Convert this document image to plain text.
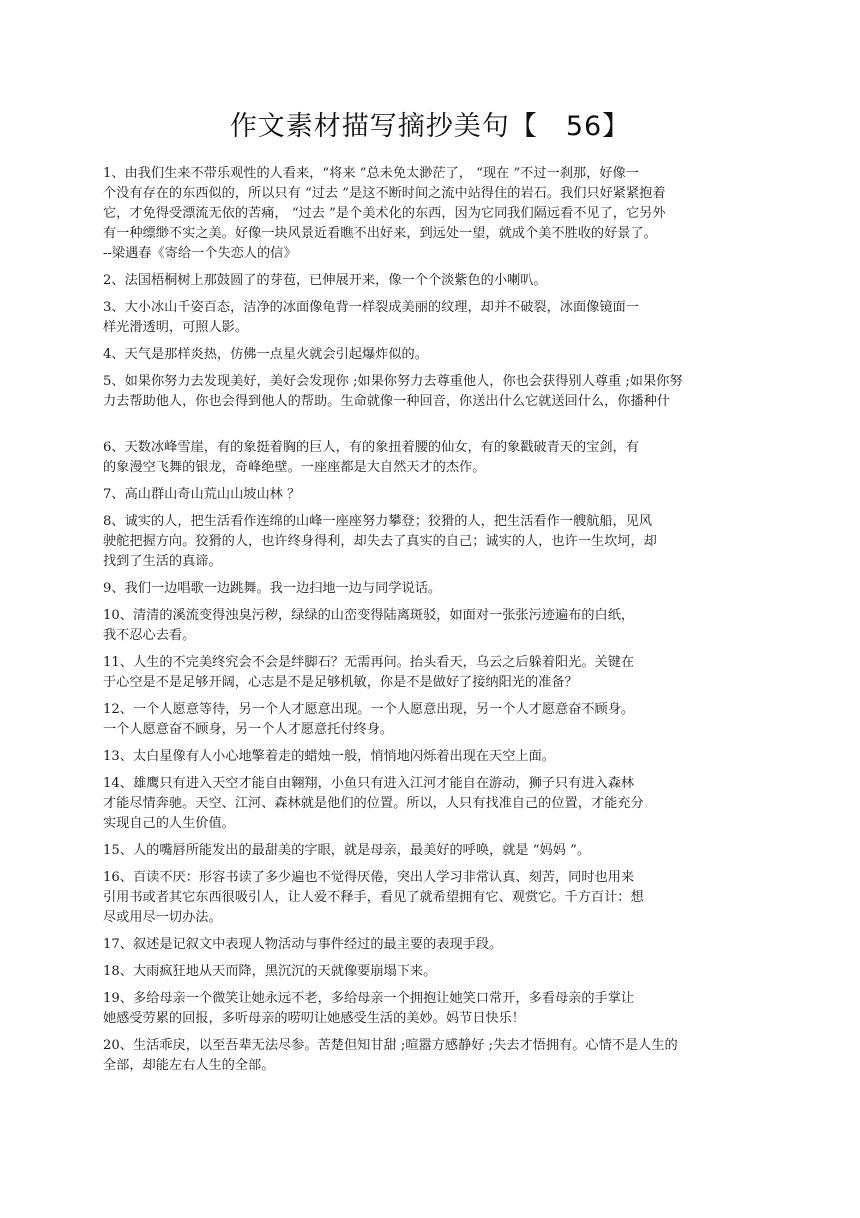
作文素材描写摘抄美句【 56】
1、由我们生来不带乐观性的人看来，“将来 ”总未免太渺茫了， “现在 ”不过一刹那，好像一
个没有存在的东西似的，所以只有 “过去 ”是这不断时间之流中站得住的岩石。我们只好紧紧抱着
它，才免得受漂流无依的苦痛， “过去 ”是个美术化的东西，因为它同我们隔远看不见了，它另外
有一种缥缈不实之美。好像一块风景近看瞧不出好来，到远处一望，就成个美不胜收的好景了。
--梁遇春《寄给一个失恋人的信》
2、法国梧桐树上那鼓圆了的芽苞，已伸展开来，像一个个淡紫色的小喇叭。
3、大小冰山千姿百态，洁净的冰面像龟背一样裂成美丽的纹理，却并不破裂，冰面像镜面一
样光滑透明，可照人影。
4、天气是那样炎热，仿佛一点星火就会引起爆炸似的。
5、如果你努力去发现美好，美好会发现你 ;如果你努力去尊重他人，你也会获得别人尊重 ;如果你努
力去帮助他人，你也会得到他人的帮助。生命就像一种回音，你送出什么它就送回什么，你播种什
6、天数冰峰雪崖，有的象挺着胸的巨人，有的象扭着腰的仙女，有的象戳破青天的宝剑，有
的象漫空飞舞的银龙，奇峰绝壁。一座座都是大自然天才的杰作。
7、高山群山奇山荒山山坡山林 ？
8、诚实的人，把生活看作连绵的山峰一座座努力攀登；狡猾的人，把生活看作一艘航船，见风
驶舵把握方向。狡猾的人，也许终身得利，却失去了真实的自己；诚实的人，也许一生坎坷，却
找到了生活的真谛。
9、我们一边唱歌一边跳舞。我一边扫地一边与同学说话。
10、清清的溪流变得浊臭污秽，绿绿的山峦变得陆离斑驳，如面对一张张污迹遍布的白纸，
我不忍心去看。
11、人生的不完美终究会不会是绊脚石？无需再问。抬头看天，乌云之后躲着阳光。关键在
于心空是不是足够开阔，心志是不是足够机敏，你是不是做好了接纳阳光的准备？
12、一个人愿意等待，另一个人才愿意出现。一个人愿意出现，另一个人才愿意奋不顾身。
一个人愿意奋不顾身，另一个人才愿意托付终身。
13、太白星像有人小心地擎着走的蜡烛一般，悄悄地闪烁着出现在天空上面。
14、雄鹰只有进入天空才能自由翱翔，小鱼只有进入江河才能自在游动，狮子只有进入森林
才能尽情奔驰。天空、江河、森林就是他们的位置。所以，人只有找准自己的位置，才能充分
实现自己的人生价值。
15、人的嘴唇所能发出的最甜美的字眼，就是母亲，最美好的呼唤，就是 “妈妈 ”。
16、百读不厌：形容书读了多少遍也不觉得厌倦，突出人学习非常认真、刻苦，同时也用来
引用书或者其它东西很吸引人，让人爱不释手，看见了就希望拥有它、观赏它。千方百计：想
尽或用尽一切办法。
17、叙述是记叙文中表现人物活动与事件经过的最主要的表现手段。
18、大雨疯狂地从天而降，黑沉沉的天就像要崩塌下来。
19、多给母亲一个微笑让她永远不老，多给母亲一个拥抱让她笑口常开，多看母亲的手掌让
她感受劳累的回报，多听母亲的唠叨让她感受生活的美妙。妈节日快乐！
20、生活乖戾，以至吾辈无法尽参。苦楚但知甘甜 ;喧嚣方感静好 ;失去才悟拥有。心情不是人生的
全部，却能左右人生的全部。
